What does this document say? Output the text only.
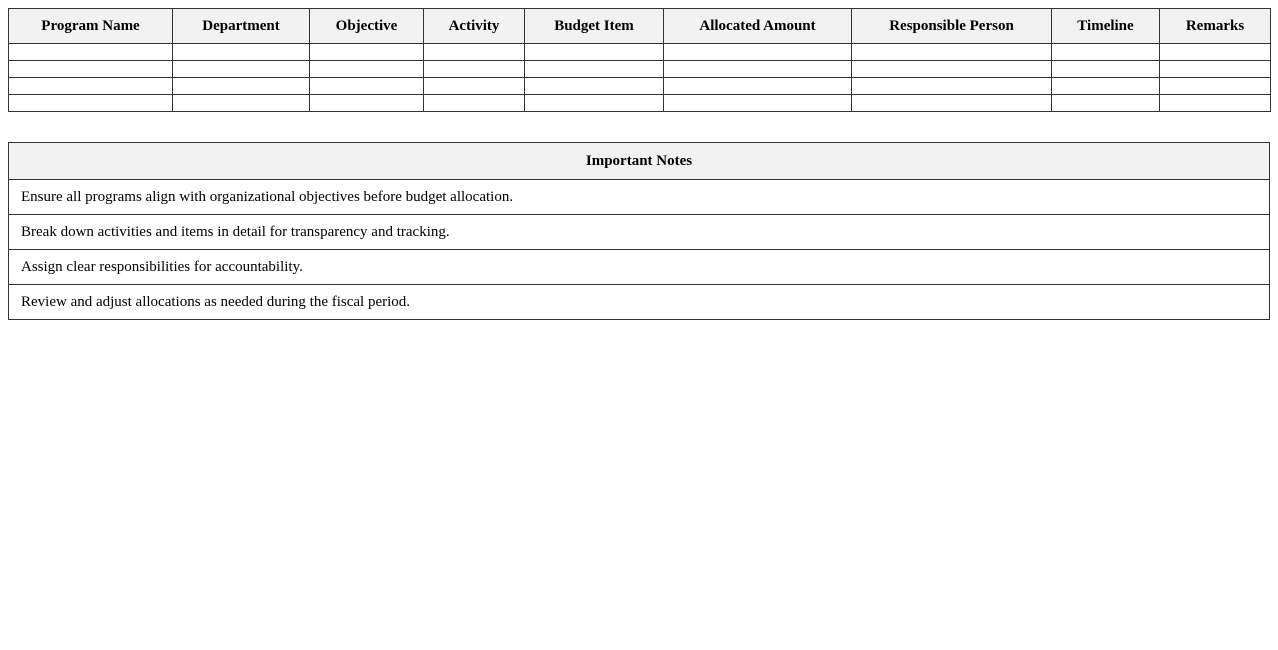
Program Name	Department	Objective	Activity	Budget Item	Allocated Amount	Responsible Person	Timeline	Remarks

Important Notes
Ensure all programs align with organizational objectives before budget allocation.
Break down activities and items in detail for transparency and tracking.
Assign clear responsibilities for accountability.
Review and adjust allocations as needed during the fiscal period.
